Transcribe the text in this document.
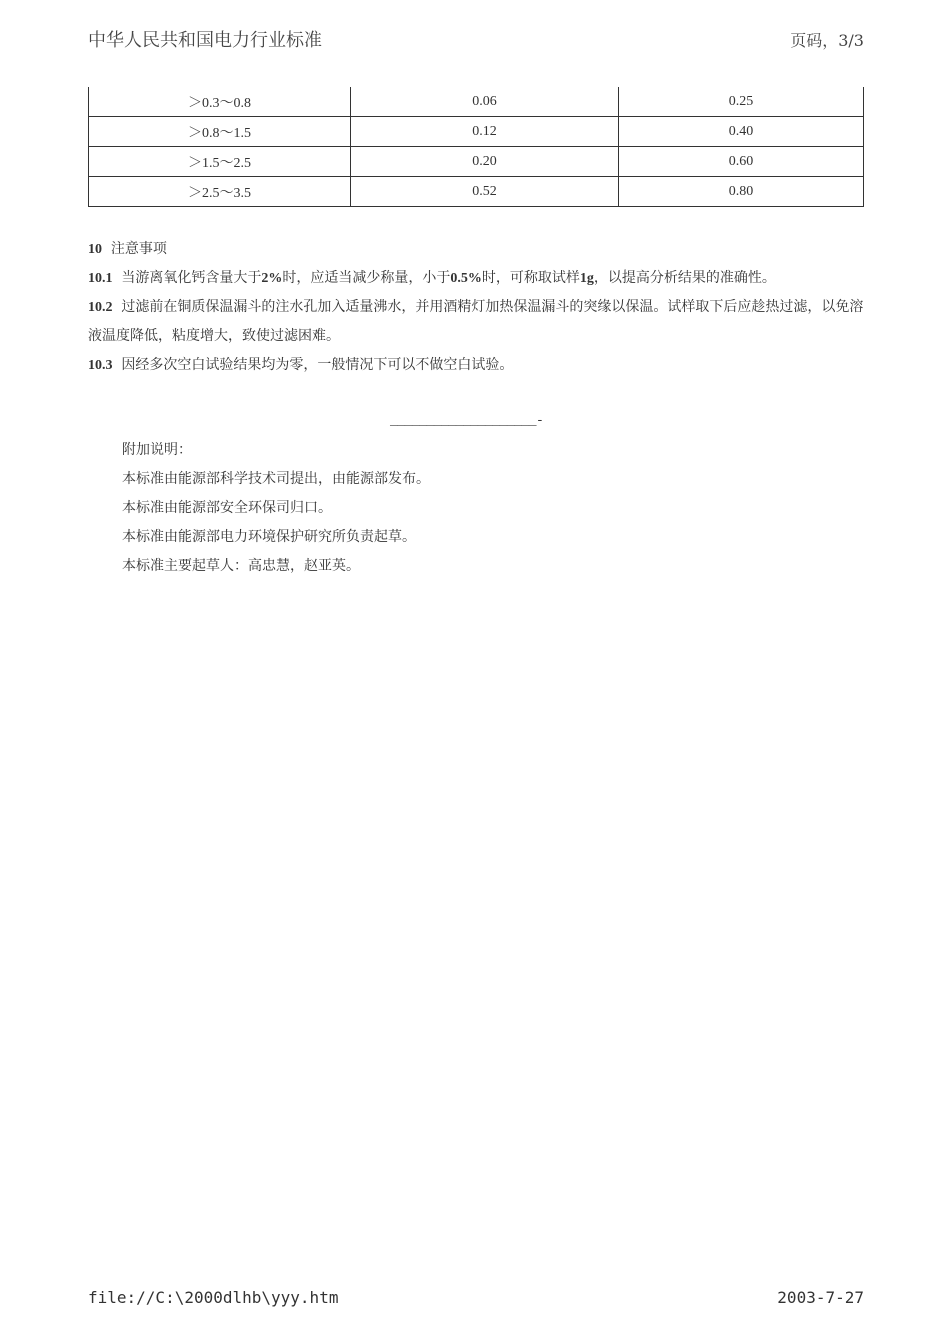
中华人民共和国电力行业标准	页码，3/3
＞0.3～0.8	0.06	0.25
＞0.8～1.5	0.12	0.40
＞1.5～2.5	0.20	0.60
＞2.5～3.5	0.52	0.80

10 注意事项

10.1 当游离氧化钙含量大于2%时，应适当减少称量，小于0.5%时，可称取试样1g，以提高分析结果的准确性。

10.2 过滤前在铜质保温漏斗的注水孔加入适量沸水，并用酒精灯加热保温漏斗的突缘以保温。试样取下后应趁热过滤，以免溶液温度降低，粘度增大，致使过滤困难。

10.3 因经多次空白试验结果均为零，一般情况下可以不做空白试验。

____________________-
附加说明：
本标准由能源部科学技术司提出，由能源部发布。
本标准由能源部安全环保司归口。
本标准由能源部电力环境保护研究所负责起草。
本标准主要起草人：高忠慧，赵亚英。
file://C:\2000dlhb\yyy.htm	2003-7-27
